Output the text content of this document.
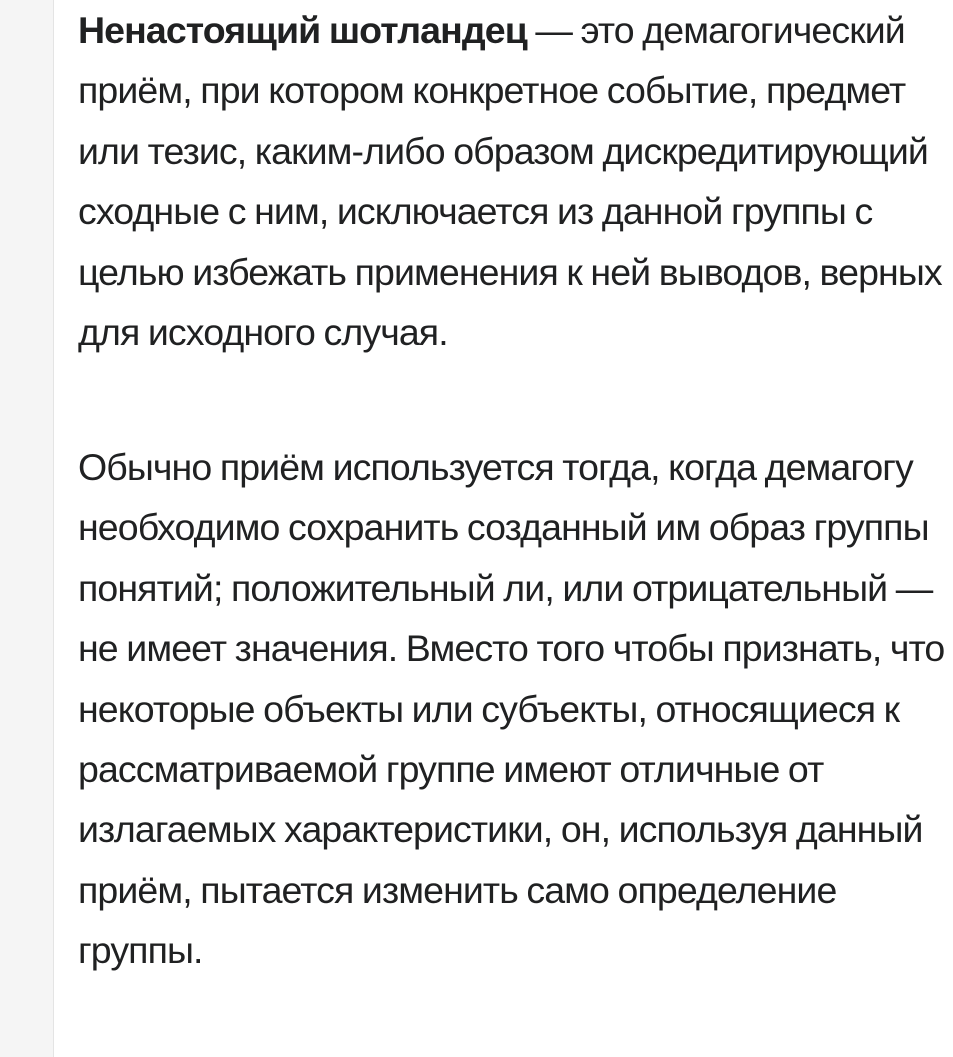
Ненастоящий шотландец — это демагогический приём, при котором конкретное событие, предмет или тезис, каким-либо образом дискредитирующий сходные с ним, исключается из данной группы с целью избежать применения к ней выводов, верных для исходного случая.

Обычно приём используется тогда, когда демагогу необходимо сохранить созданный им образ группы понятий; положительный ли, или отрицательный — не имеет значения. Вместо того чтобы признать, что некоторые объекты или субъекты, относящиеся к рассматриваемой группе имеют отличные от излагаемых характеристики, он, используя данный приём, пытается изменить само определение группы.
